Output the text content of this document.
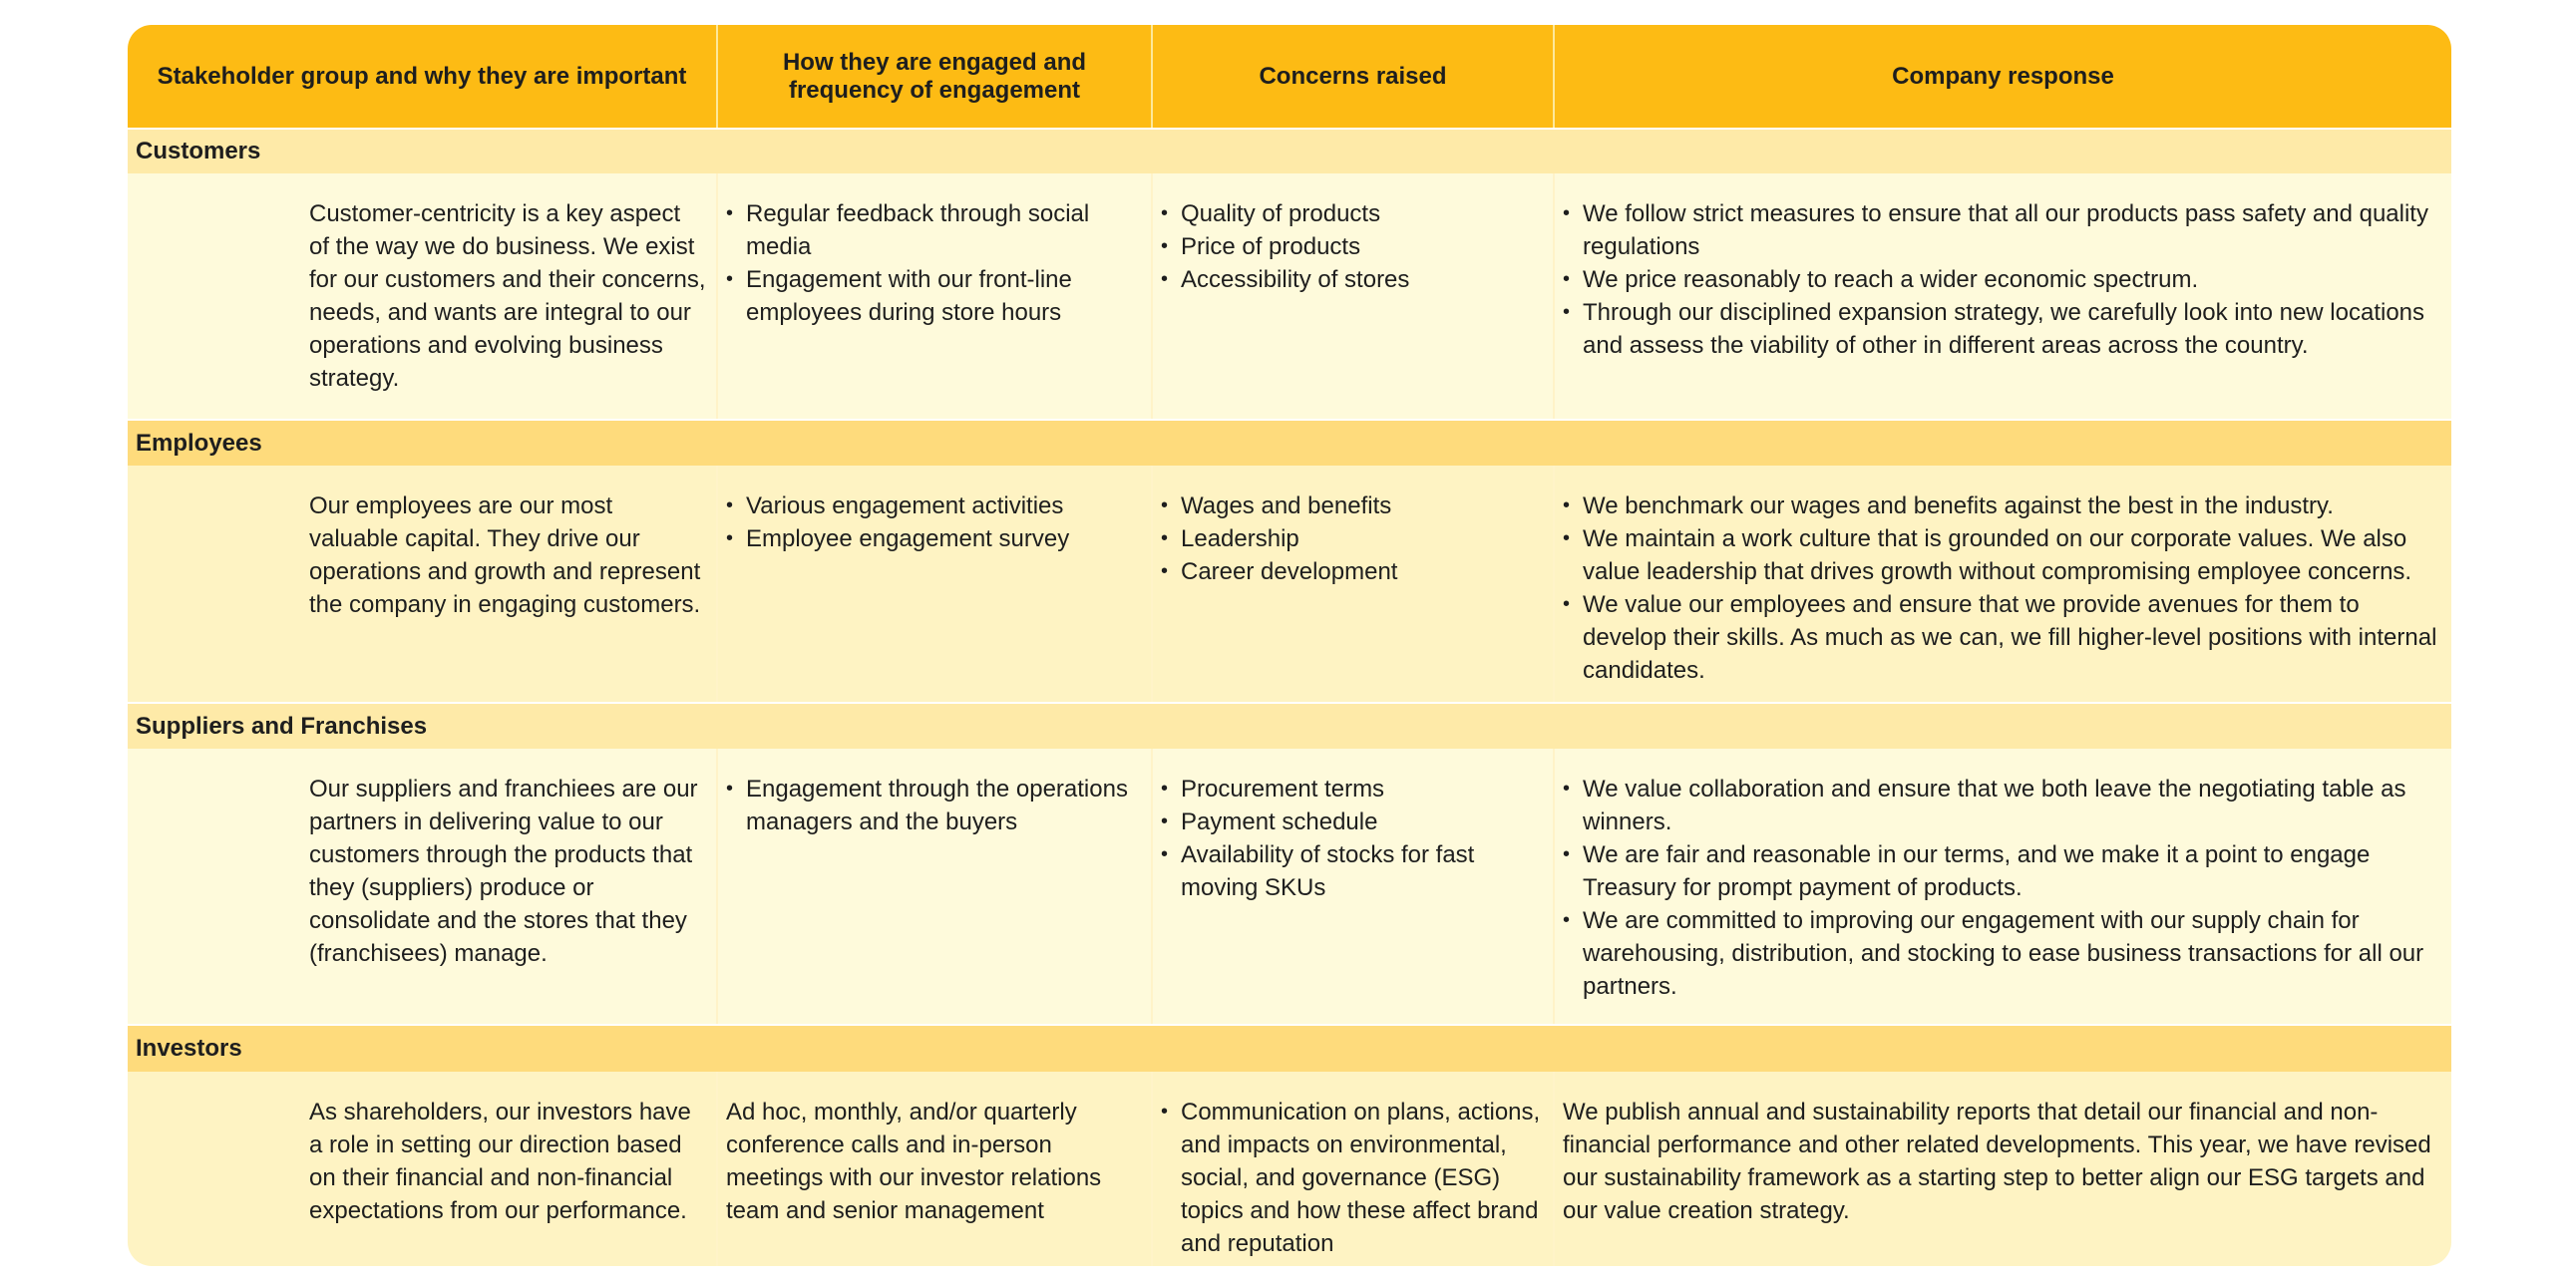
Stakeholder group and why they are important
How they are engaged and frequency of engagement
Concerns raised	Company response
Customers
Customer-centricity is a key aspect of the way we do business. We exist for our customers and their concerns, needs, and wants are integral to our operations and evolving business strategy.
• Regular feedback through social media
• Engagement with our front-line employees during store hours
• Quality of products
• Price of products
• Accessibility of stores
• We follow strict measures to ensure that all our products pass safety and quality regulations
• We price reasonably to reach a wider economic spectrum.
• Through our disciplined expansion strategy, we carefully look into new locations and assess the viability of other in different areas across the country.
Employees
Our employees are our most valuable capital. They drive our operations and growth and represent the company in engaging customers.
• Various engagement activities
• Employee engagement survey
• Wages and benefits
• Leadership
• Career development
• We benchmark our wages and benefits against the best in the industry.
• We maintain a work culture that is grounded on our corporate values. We also value leadership that drives growth without compromising employee concerns.
• We value our employees and ensure that we provide avenues for them to develop their skills. As much as we can, we fill higher-level positions with internal candidates.
Suppliers and Franchises
Our suppliers and franchiees are our partners in delivering value to our customers through the products that they (suppliers) produce or consolidate and the stores that they (franchisees) manage.
• Engagement through the operations managers and the buyers
• Procurement terms
• Payment schedule
• Availability of stocks for fast moving SKUs
• We value collaboration and ensure that we both leave the negotiating table as winners.
• We are fair and reasonable in our terms, and we make it a point to engage Treasury for prompt payment of products.
• We are committed to improving our engagement with our supply chain for warehousing, distribution, and stocking to ease business transactions for all our partners.
Investors
As shareholders, our investors have a role in setting our direction based on their financial and non-financial expectations from our performance.
Ad hoc, monthly, and/or quarterly conference calls and in-person meetings with our investor relations team and senior management
• Communication on plans, actions, and impacts on environmental, social, and governance (ESG) topics and how these affect brand and reputation
We publish annual and sustainability reports that detail our financial and non-financial performance and other related developments. This year, we have revised our sustainability framework as a starting step to better align our ESG targets and our value creation strategy.
